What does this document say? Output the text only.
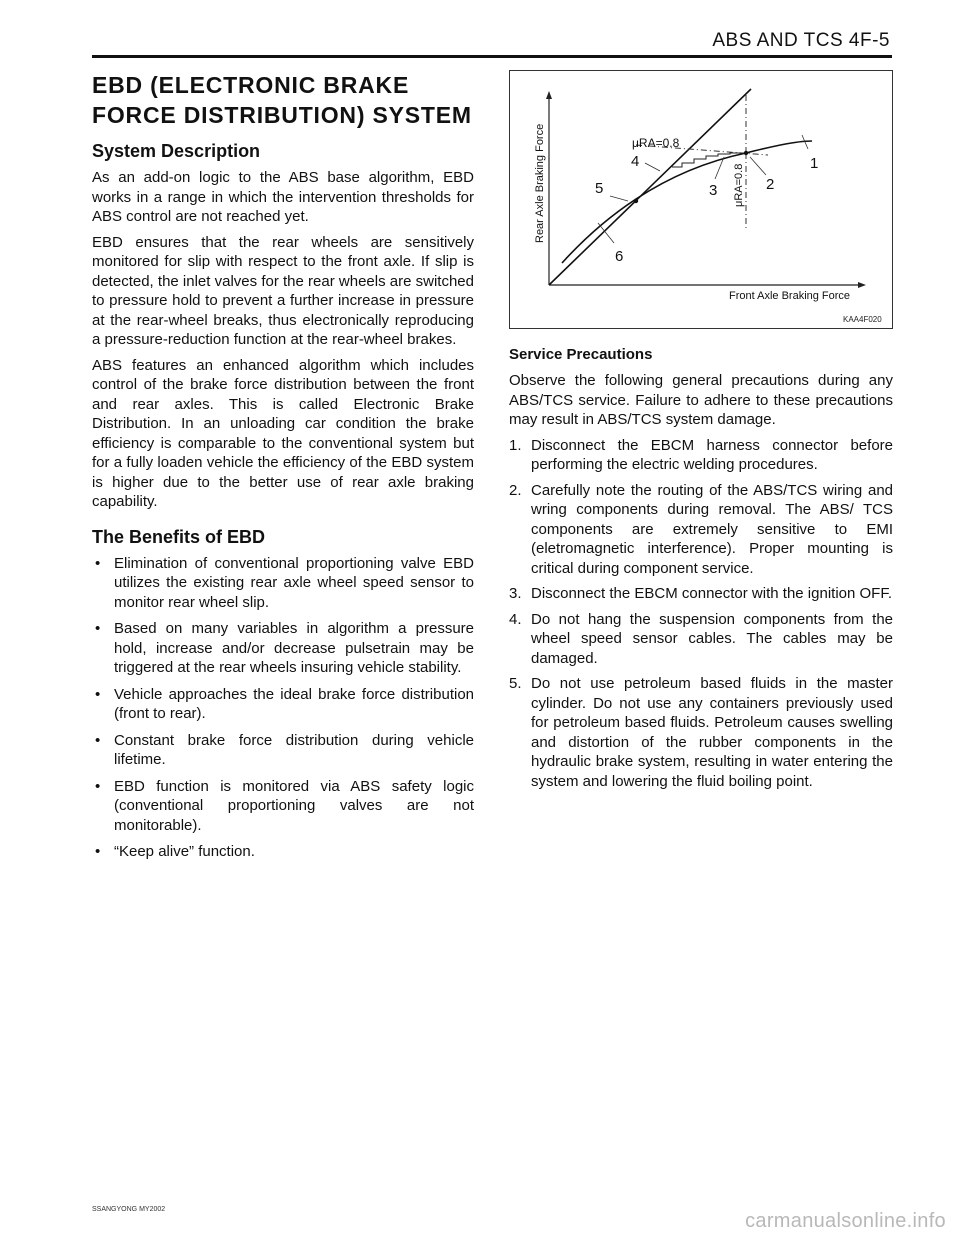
ABS AND TCS 4F-5
EBD (ELECTRONIC BRAKE
FORCE DISTRIBUTION) SYSTEM
System Description

As an add-on logic to the ABS base algorithm, EBD works in a range in which the intervention thresholds for ABS control are not reached yet.

EBD ensures that the rear wheels are sensitively monitored for slip with respect to the front axle. If slip is detected, the inlet valves for the rear wheels are switched to pressure hold to prevent a further increase in pressure at the rear-wheel breaks, thus electronically reproducing a pressure-reduction function at the rear-wheel brakes.

ABS features an enhanced algorithm which includes control of the brake force distribution between the front and rear axles. This is called Electronic Brake Distribution. In an unloading car condition the brake efficiency is comparable to the conventional system but for a fully loaden vehicle the efficiency of the EBD system is higher due to the better use of rear axle braking capability.

The Benefits of EBD
• Elimination of conventional proportioning valve EBD utilizes the existing rear axle wheel speed sensor to monitor rear wheel slip.
• Based on many variables in algorithm a pressure hold, increase and/or decrease pulsetrain may be triggered at the rear wheels insuring vehicle stability.
• Vehicle approaches the ideal brake force distribution (front to rear).
• Constant brake force distribution during vehicle lifetime.
• EBD function is monitored via ABS safety logic (conventional proportioning valves are not monitorable).
• “Keep alive” function.
Rear Axle Braking Force
Front Axle Braking Force
μRA=0.8
μRA=0.8
1
2
3
4
5
6
KAA4F020
Service Precautions

Observe the following general precautions during any ABS/TCS service. Failure to adhere to these precautions may result in ABS/TCS system damage.

1. Disconnect the EBCM harness connector before performing the electric welding procedures.
2. Carefully note the routing of the ABS/TCS wiring and wring components during removal. The ABS/ TCS components are extremely sensitive to EMI (eletromagnetic interference). Proper mounting is critical during component service.
3. Disconnect the EBCM connector with the ignition OFF.
4. Do not hang the suspension components from the wheel speed sensor cables. The cables may be damaged.
5. Do not use petroleum based fluids in the master cylinder. Do not use any containers previously used for petroleum based fluids. Petroleum causes swelling and distortion of the rubber components in the hydraulic brake system, resulting in water entering the system and lowering the fluid boiling point.
SSANGYONG MY2002
carmanualsonline.info
